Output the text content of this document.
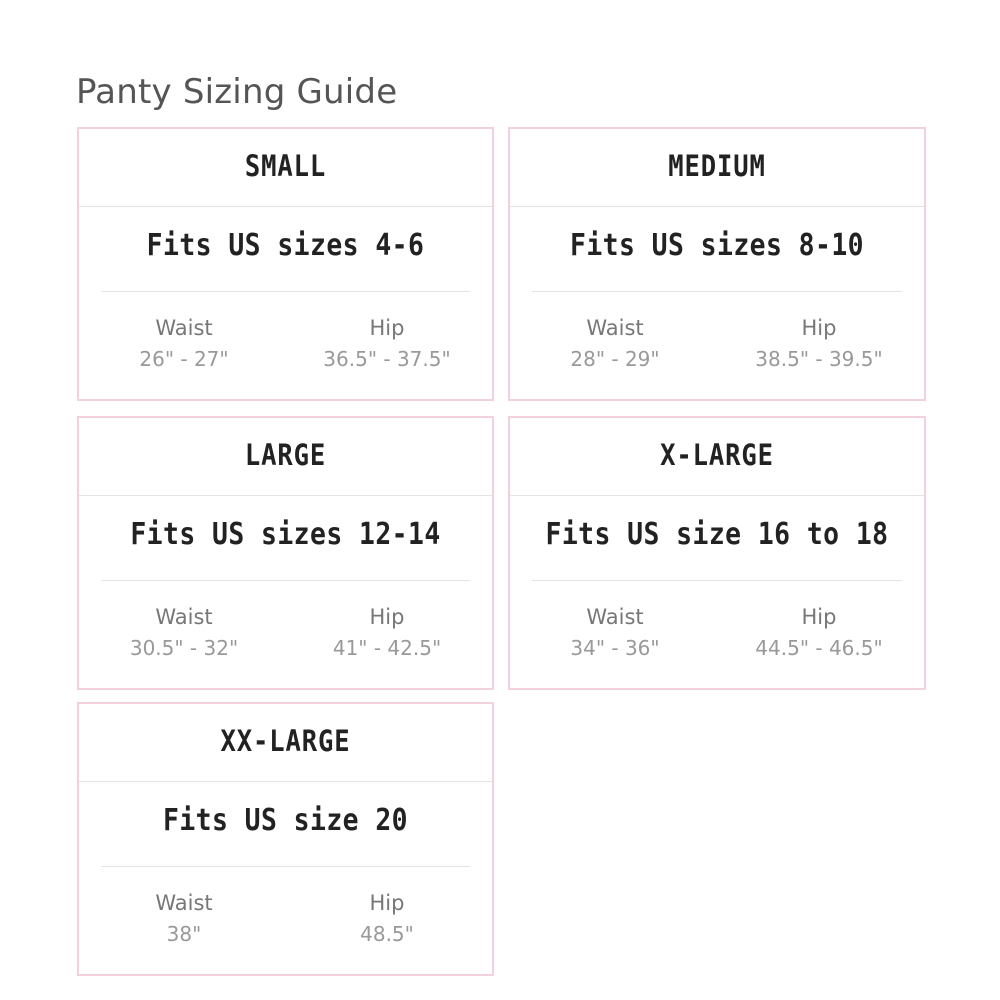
Panty Sizing Guide
SMALL
Fits US sizes 4-6
Waist
26" - 27"
Hip
36.5" - 37.5"
MEDIUM
Fits US sizes 8-10
Waist
28" - 29"
Hip
38.5" - 39.5"
LARGE
Fits US sizes 12-14
Waist
30.5" - 32"
Hip
41" - 42.5"
X-LARGE
Fits US size 16 to 18
Waist
34" - 36"
Hip
44.5" - 46.5"
XX-LARGE
Fits US size 20
Waist
38"
Hip
48.5"
